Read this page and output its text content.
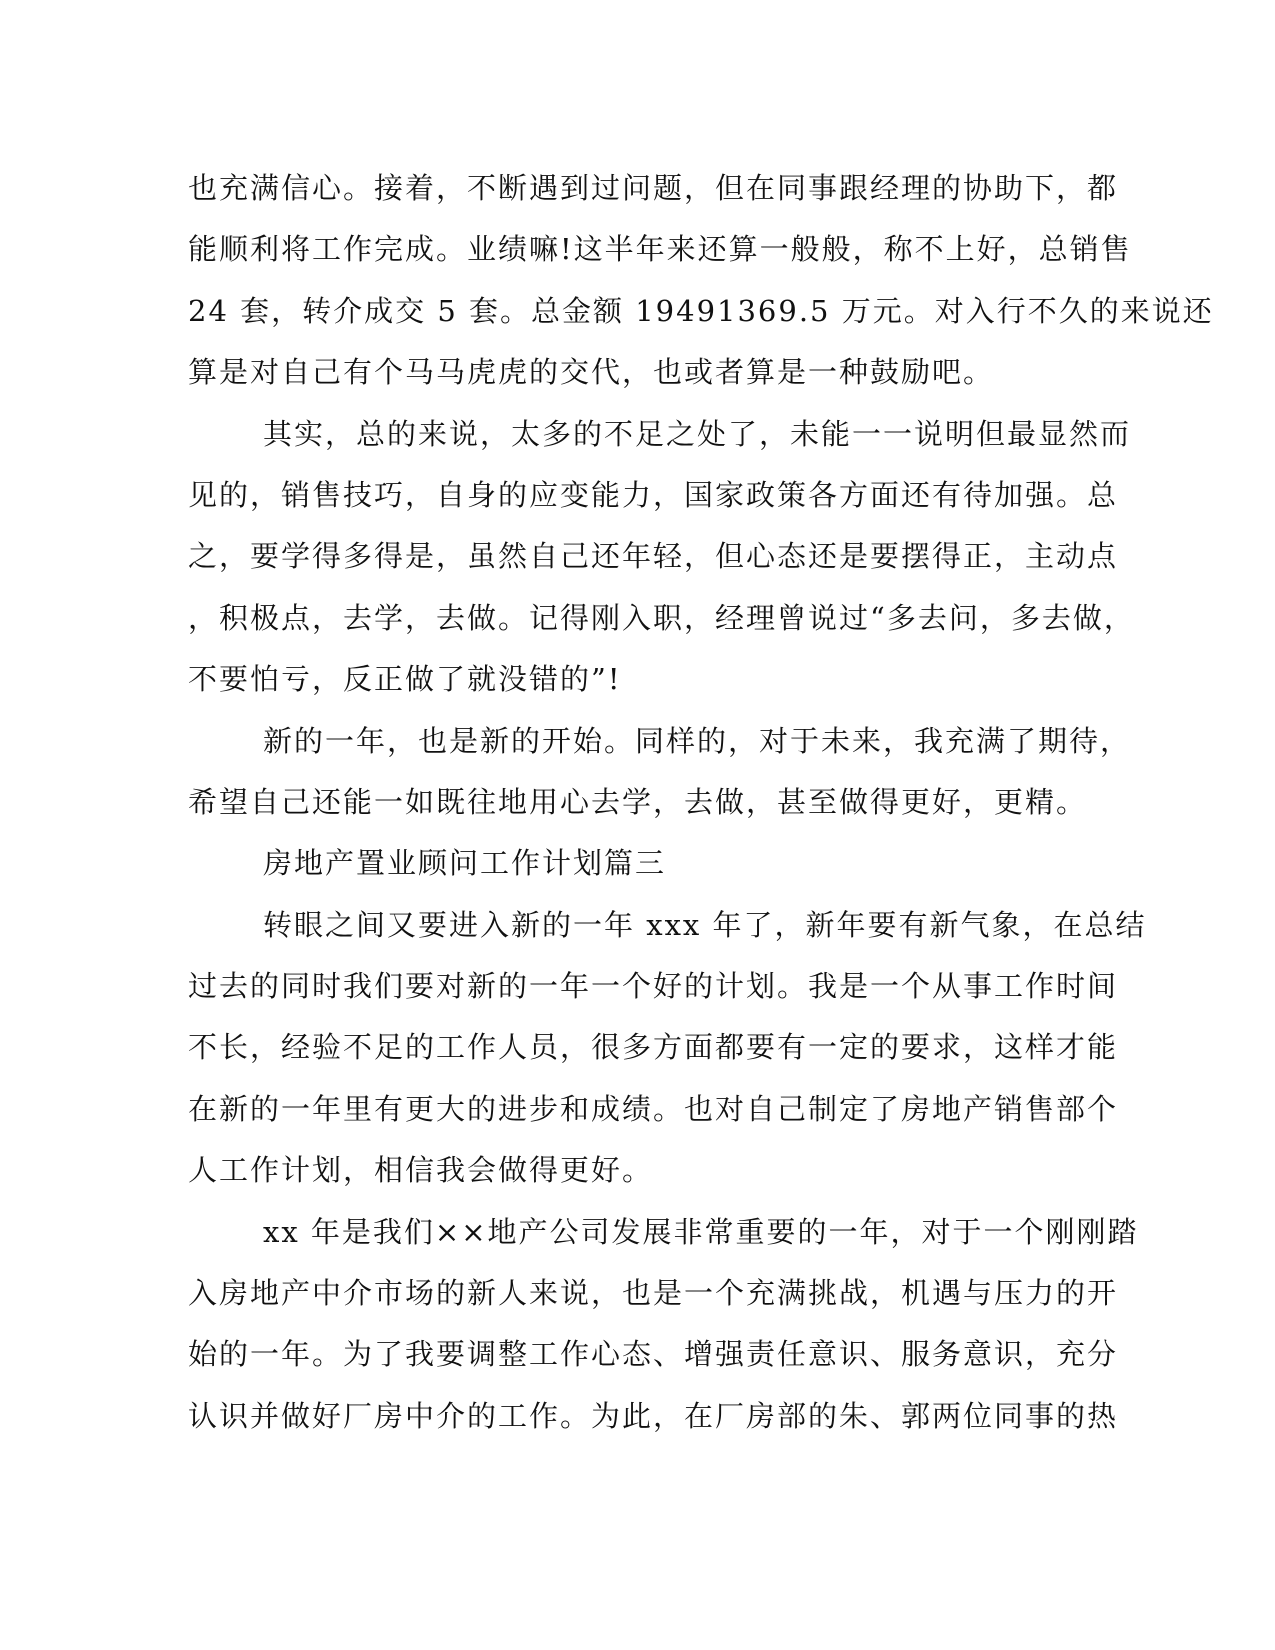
也充满信心。接着，不断遇到过问题，但在同事跟经理的协助下，都
能顺利将工作完成。业绩嘛!这半年来还算一般般，称不上好，总销售
24 套，转介成交 5 套。总金额 19491369.5 万元。对入行不久的来说还
算是对自己有个马马虎虎的交代，也或者算是一种鼓励吧。
其实，总的来说，太多的不足之处了，未能一一说明但最显然而
见的，销售技巧，自身的应变能力，国家政策各方面还有待加强。总
之，要学得多得是，虽然自己还年轻，但心态还是要摆得正，主动点
，积极点，去学，去做。记得刚入职，经理曾说过“多去问，多去做，
不要怕亏，反正做了就没错的”!
新的一年，也是新的开始。同样的，对于未来，我充满了期待，
希望自己还能一如既往地用心去学，去做，甚至做得更好，更精。
房地产置业顾问工作计划篇三
转眼之间又要进入新的一年 xxx 年了，新年要有新气象，在总结
过去的同时我们要对新的一年一个好的计划。我是一个从事工作时间
不长，经验不足的工作人员，很多方面都要有一定的要求，这样才能
在新的一年里有更大的进步和成绩。也对自己制定了房地产销售部个
人工作计划，相信我会做得更好。
xx 年是我们××地产公司发展非常重要的一年，对于一个刚刚踏
入房地产中介市场的新人来说，也是一个充满挑战，机遇与压力的开
始的一年。为了我要调整工作心态、增强责任意识、服务意识，充分
认识并做好厂房中介的工作。为此，在厂房部的朱、郭两位同事的热
